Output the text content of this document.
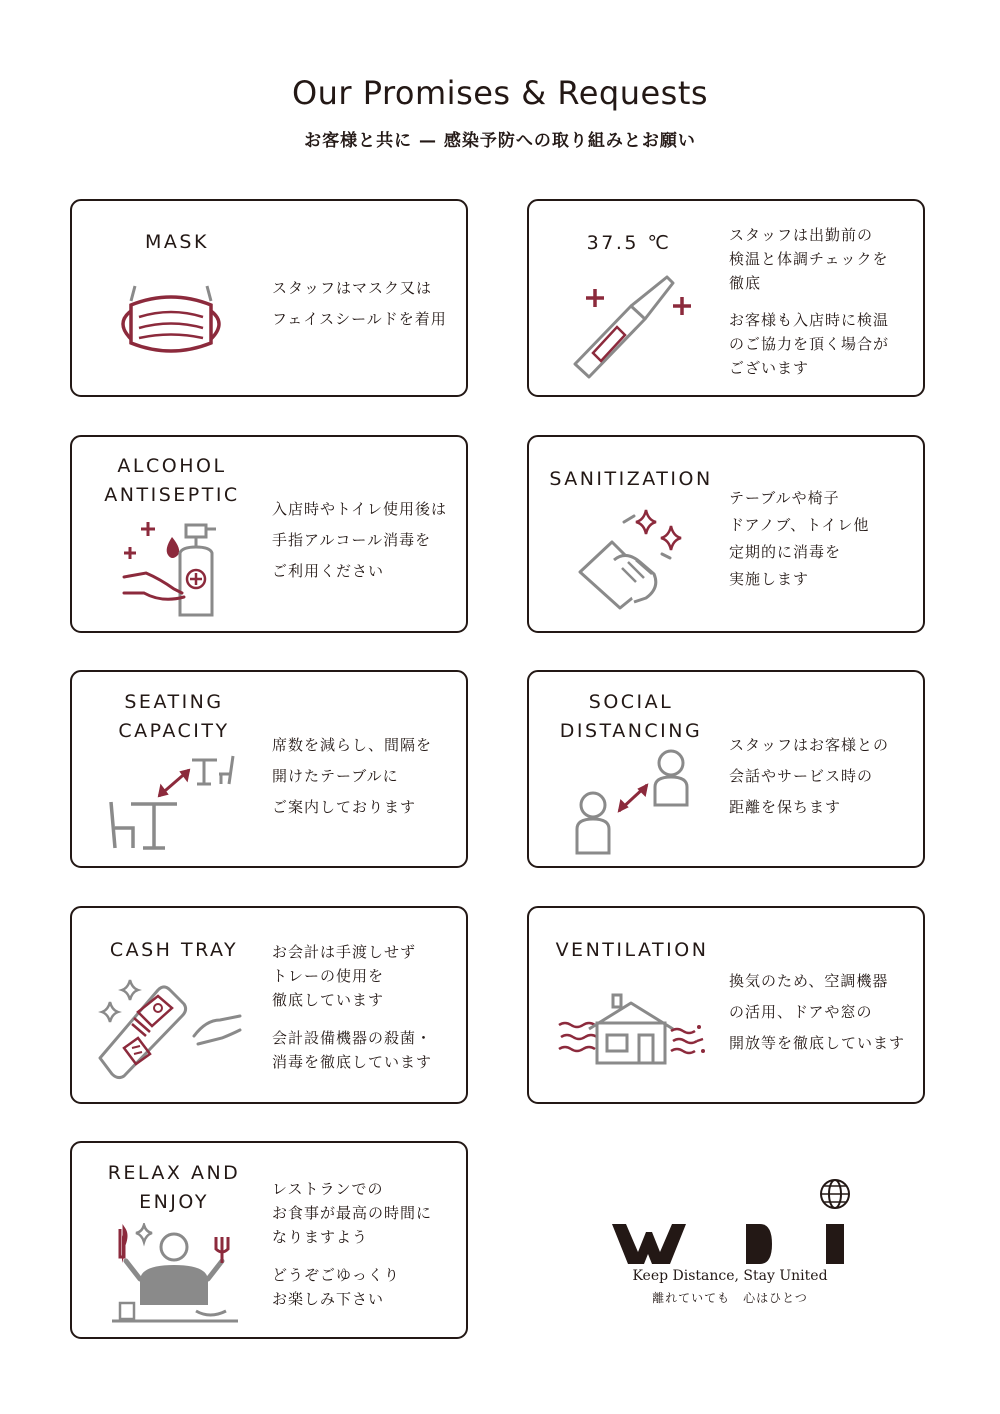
Our Promises & Requests
お客様と共に — 感染予防への取り組みとお願い
MASK

スタッフはマスク又は

フェイスシールドを着用

37.5 ℃	スタッフは出勤前の

検温と体調チェックを

徹底

お客様も入店時に検温

のご協力を頂く場合が

ございます

ALCOHOL
ANTISEPTIC

入店時やトイレ使用後は

手指アルコール消毒を

ご利用ください

SANITIZATION

テーブルや椅子

ドアノブ、トイレ他

定期的に消毒を

実施します

SEATING
CAPACITY

席数を減らし、間隔を

開けたテーブルに

ご案内しております

SOCIAL
DISTANCING

スタッフはお客様との

会話やサービス時の

距離を保ちます

CASH TRAY	お会計は手渡しせず

トレーの使用を

徹底しています

会計設備機器の殺菌・

消毒を徹底しています

VENTILATION

換気のため、空調機器

の活用、ドアや窓の

開放等を徹底しています

RELAX AND
ENJOY

レストランでの

お食事が最高の時間に

なりますよう

どうぞごゆっくり

お楽しみ下さい

Keep Distance, Stay United
離れていても　心はひとつ
